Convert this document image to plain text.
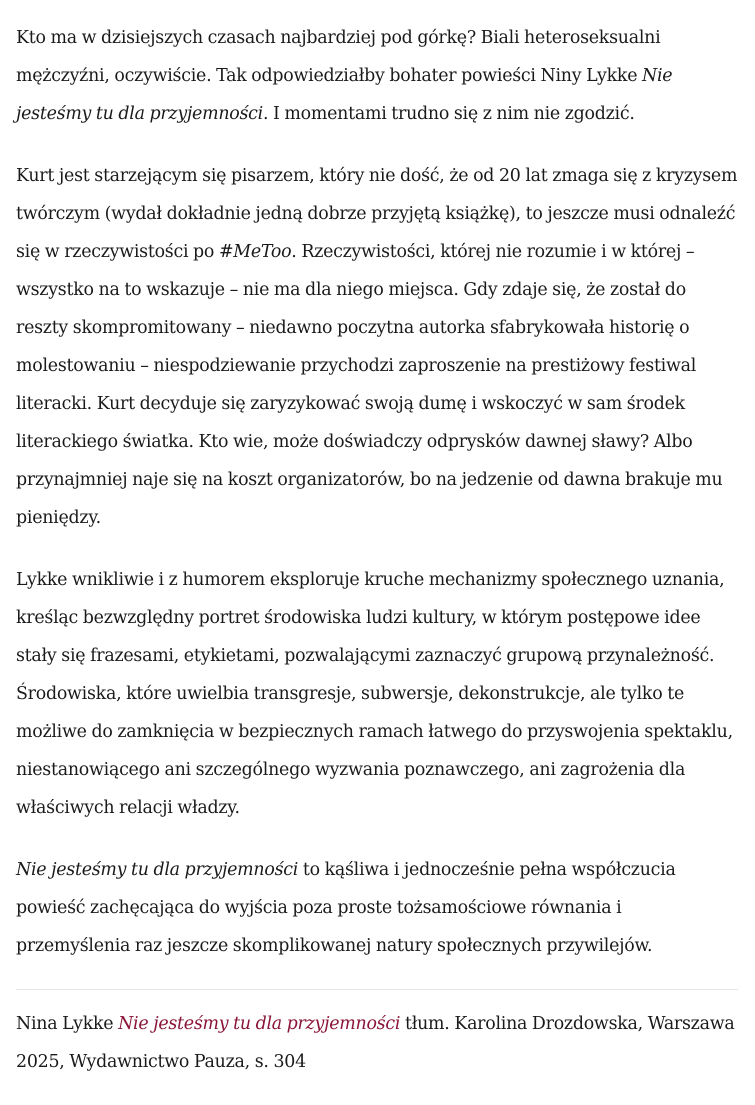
Kto ma w dzisiejszych czasach najbardziej pod górkę? Biali heteroseksualni mężczyźni, oczywiście. Tak odpowiedziałby bohater powieści Niny Lykke Nie jesteśmy tu dla przyjemności. I momentami trudno się z nim nie zgodzić.

Kurt jest starzejącym się pisarzem, który nie dość, że od 20 lat zmaga się z kryzysem twórczym (wydał dokładnie jedną dobrze przyjętą książkę), to jeszcze musi odnaleźć się w rzeczywistości po #MeToo. Rzeczywistości, której nie rozumie i w której – wszystko na to wskazuje – nie ma dla niego miejsca. Gdy zdaje się, że został do reszty skompromitowany – niedawno poczytna autorka sfabrykowała historię o molestowaniu – niespodziewanie przychodzi zaproszenie na prestiżowy festiwal literacki. Kurt decyduje się zaryzykować swoją dumę i wskoczyć w sam środek literackiego światka. Kto wie, może doświadczy odprysków dawnej sławy? Albo przynajmniej naje się na koszt organizatorów, bo na jedzenie od dawna brakuje mu pieniędzy.

Lykke wnikliwie i z humorem eksploruje kruche mechanizmy społecznego uznania, kreśląc bezwzględny portret środowiska ludzi kultury, w którym postępowe idee stały się frazesami, etykietami, pozwalającymi zaznaczyć grupową przynależność. Środowiska, które uwielbia transgresje, subwersje, dekonstrukcje, ale tylko te możliwe do zamknięcia w bezpiecznych ramach łatwego do przyswojenia spektaklu, niestanowiącego ani szczególnego wyzwania poznawczego, ani zagrożenia dla właściwych relacji władzy.

Nie jesteśmy tu dla przyjemności to kąśliwa i jednocześnie pełna współczucia powieść zachęcająca do wyjścia poza proste tożsamościowe równania i przemyślenia raz jeszcze skomplikowanej natury społecznych przywilejów.

Nina Lykke Nie jesteśmy tu dla przyjemności tłum. Karolina Drozdowska, Warszawa 2025, Wydawnictwo Pauza, s. 304
